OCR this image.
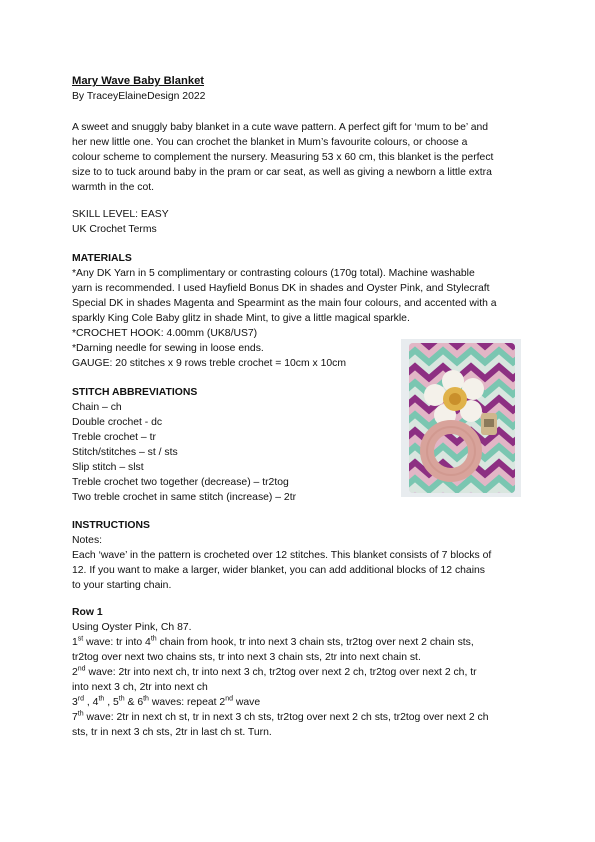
Mary Wave Baby Blanket
By TraceyElaineDesign 2022
A sweet and snuggly baby blanket in a cute wave pattern. A perfect gift for ‘mum to be’ and
her new little one. You can crochet the blanket in Mum’s favourite colours, or choose a
colour scheme to complement the nursery. Measuring 53 x 60 cm, this blanket is the perfect
size to to tuck around baby in the pram or car seat, as well as giving a newborn a little extra
warmth in the cot.
SKILL LEVEL: EASY
UK Crochet Terms
MATERIALS
*Any DK Yarn in 5 complimentary or contrasting colours (170g total). Machine washable
yarn is recommended. I used Hayfield Bonus DK in shades and Oyster Pink, and Stylecraft
Special DK in shades Magenta and Spearmint as the main four colours, and accented with a
sparkly King Cole Baby glitz in shade Mint, to give a little magical sparkle.
*CROCHET HOOK: 4.00mm (UK8/US7)
*Darning needle for sewing in loose ends.
GAUGE: 20 stitches x 9 rows treble crochet = 10cm x 10cm
STITCH ABBREVIATIONS
Chain – ch
Double crochet - dc
Treble crochet – tr
Stitch/stitches – st / sts
Slip stitch – slst
Treble crochet two together (decrease) – tr2tog
Two treble crochet in same stitch (increase) – 2tr
INSTRUCTIONS
Notes:
Each ‘wave’ in the pattern is crocheted over 12 stitches. This blanket consists of 7 blocks of
12. If you want to make a larger, wider blanket, you can add additional blocks of 12 chains
to your starting chain.
Row 1
Using Oyster Pink, Ch 87.
1st wave: tr into 4th chain from hook, tr into next 3 chain sts, tr2tog over next 2 chain sts,
tr2tog over next two chains sts, tr into next 3 chain sts, 2tr into next chain st.
2nd wave: 2tr into next ch, tr into next 3 ch, tr2tog over next 2 ch, tr2tog over next 2 ch, tr
into next 3 ch, 2tr into next ch
3rd , 4th , 5th & 6th waves: repeat 2nd wave
7th wave: 2tr in next ch st, tr in next 3 ch sts, tr2tog over next 2 ch sts, tr2tog over next 2 ch
sts, tr in next 3 ch sts, 2tr in last ch st. Turn.
